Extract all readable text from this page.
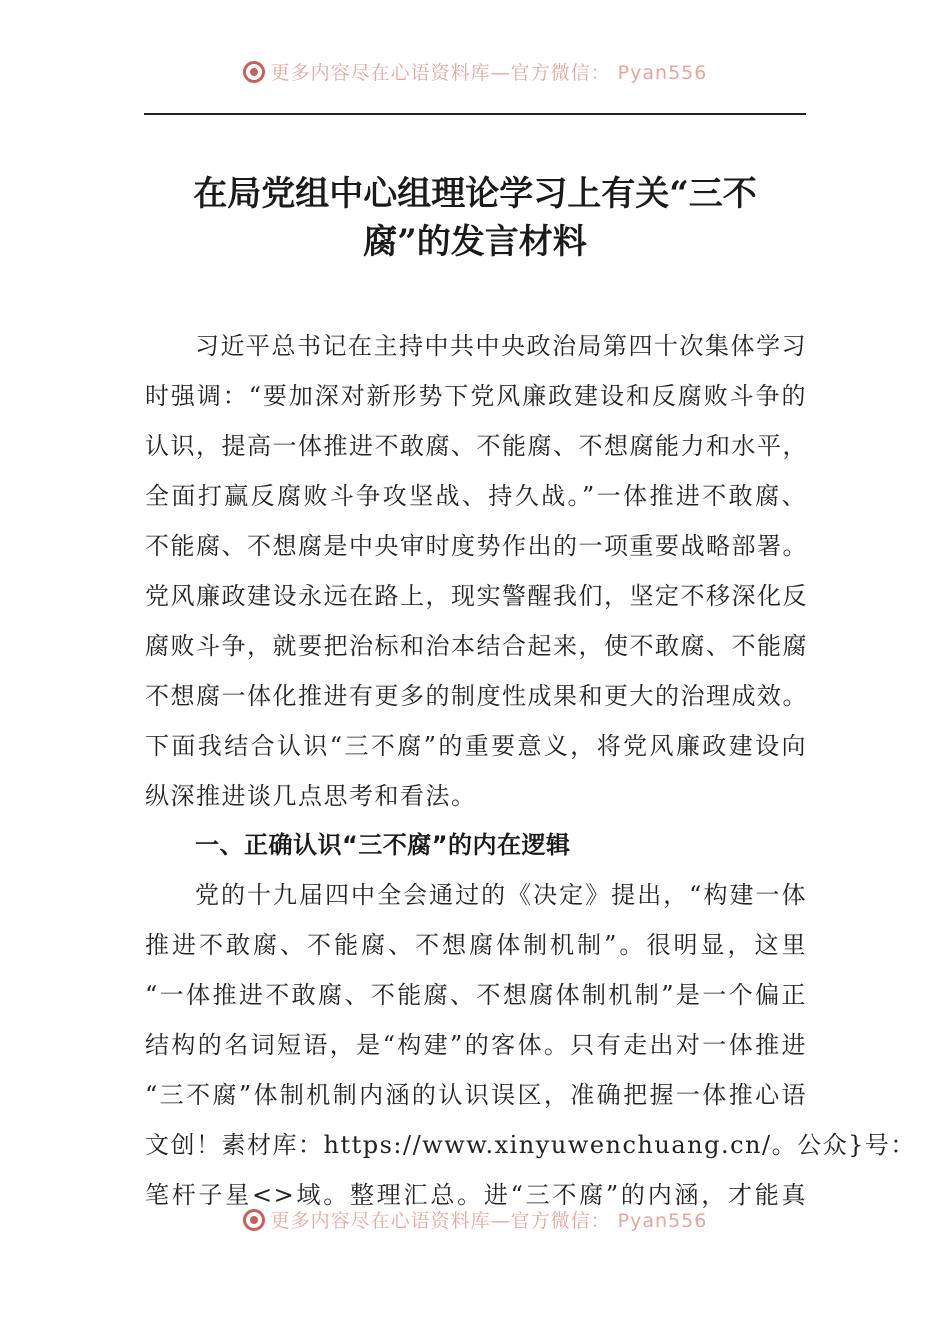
更多内容尽在心语资料库—官方微信： Pyan556
在局党组中心组理论学习上有关“三不
腐”的发言材料
习近平总书记在主持中共中央政治局第四十次集体学习
时强调：“要加深对新形势下党风廉政建设和反腐败斗争的
认识，提高一体推进不敢腐、不能腐、不想腐能力和水平，
全面打赢反腐败斗争攻坚战、持久战。”一体推进不敢腐、
不能腐、不想腐是中央审时度势作出的一项重要战略部署。
党风廉政建设永远在路上，现实警醒我们，坚定不移深化反
腐败斗争，就要把治标和治本结合起来，使不敢腐、不能腐
不想腐一体化推进有更多的制度性成果和更大的治理成效。
下面我结合认识“三不腐”的重要意义，将党风廉政建设向
纵深推进谈几点思考和看法。
一、正确认识“三不腐”的内在逻辑
党的十九届四中全会通过的《决定》提出，“构建一体
推进不敢腐、不能腐、不想腐体制机制”。很明显，这里
“一体推进不敢腐、不能腐、不想腐体制机制”是一个偏正
结构的名词短语，是“构建”的客体。只有走出对一体推进
“三不腐”体制机制内涵的认识误区，准确把握一体推心语
文创！素材库：https://www.xinyuwenchuang.cn/。公众}号：
笔杆子星<>域。整理汇总。进“三不腐”的内涵，才能真
更多内容尽在心语资料库—官方微信： Pyan556
